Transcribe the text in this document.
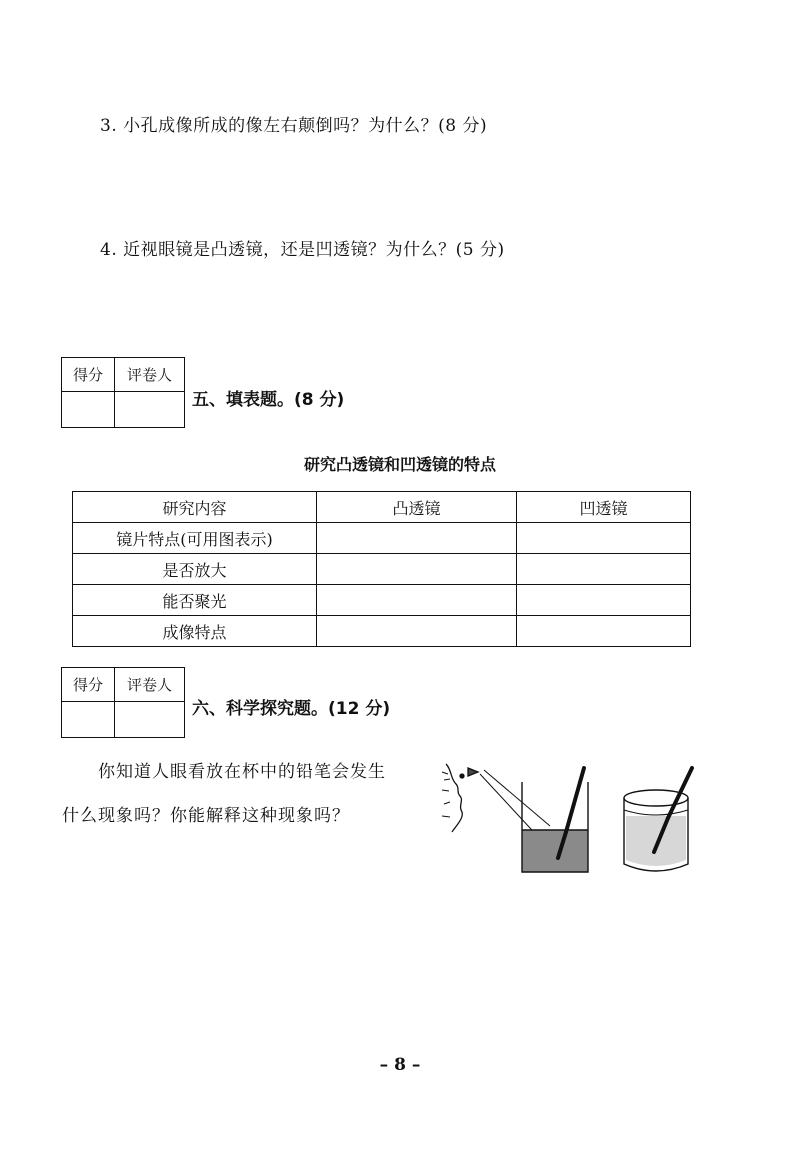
3. 小孔成像所成的像左右颠倒吗？为什么？(8 分)
4. 近视眼镜是凸透镜，还是凹透镜？为什么？(5 分)
得分	评卷人

五、填表题。(8 分)
研究凸透镜和凹透镜的特点
研究内容	凸透镜	凹透镜
镜片特点(可用图表示)		
是否放大		
能否聚光		
成像特点		
得分	评卷人

六、科学探究题。(12 分)
你知道人眼看放在杯中的铅笔会发生
什么现象吗？你能解释这种现象吗？
– 8 –
